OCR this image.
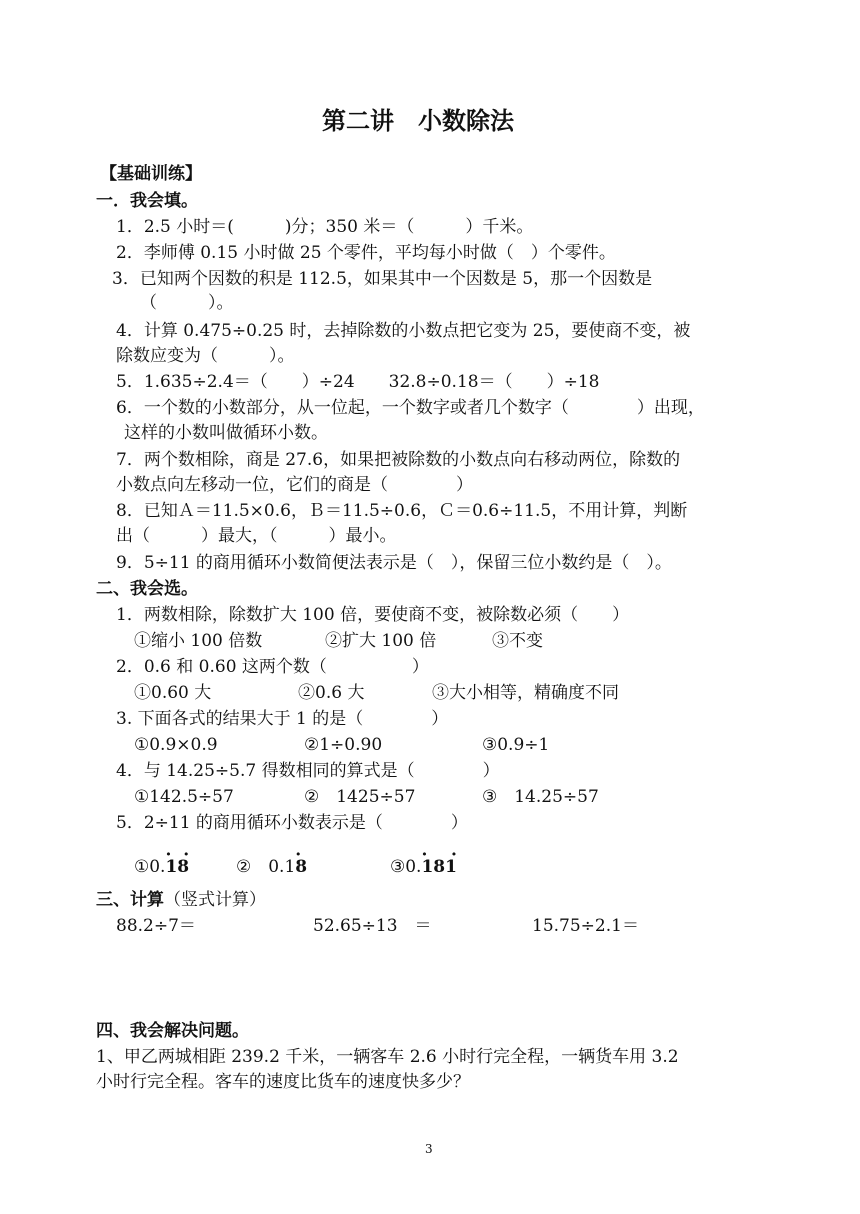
第二讲　小数除法
【基础训练】
一．我会填。
1．2.5 小时＝(　　　)分；350 米＝（　　　）千米。
2．李师傅 0.15 小时做 25 个零件，平均每小时做（　）个零件。
3．已知两个因数的积是 112.5，如果其中一个因数是 5，那一个因数是
（　　　）。
4．计算 0.475÷0.25 时，去掉除数的小数点把它变为 25，要使商不变，被
除数应变为（　　　）。
5．1.635÷2.4＝（　　）÷24　　32.8÷0.18＝（　　）÷18
6．一个数的小数部分，从一位起，一个数字或者几个数字（　　　　）出现，
这样的小数叫做循环小数。
7．两个数相除，商是 27.6，如果把被除数的小数点向右移动两位，除数的
小数点向左移动一位，它们的商是（　　　　）
8．已知Ａ＝11.5×0.6，Ｂ＝11.5÷0.6，Ｃ＝0.6÷11.5，不用计算，判断
出（　　　）最大，（　　　）最小。
9．5÷11 的商用循环小数简便法表示是（　），保留三位小数约是（　）。
二、我会选。
1．两数相除，除数扩大 100 倍，要使商不变，被除数必须（　　）
①缩小 100 倍数	②扩大 100 倍	③不变
2．0.6 和 0.60 这两个数（　　　　　）
①0.60 大	②0.6 大	③大小相等，精确度不同
3. 下面各式的结果大于 1 的是（　　　　）
①0.9×0.9	②1÷0.90	③0.9÷1
4．与 14.25÷5.7 得数相同的算式是（　　　　）
①142.5÷57	②　1425÷57	③　14.25÷57
5．2÷11 的商用循环小数表示是（　　　　）
①0.· 18 ·	②　0.1· 8	③0.· 181 ·
三、计算（竖式计算）
88.2÷7＝	52.65÷13　＝	15.75÷2.1＝
四、我会解决问题。
1、甲乙两城相距 239.2 千米，一辆客车 2.6 小时行完全程，一辆货车用 3.2
小时行完全程。客车的速度比货车的速度快多少？
3
